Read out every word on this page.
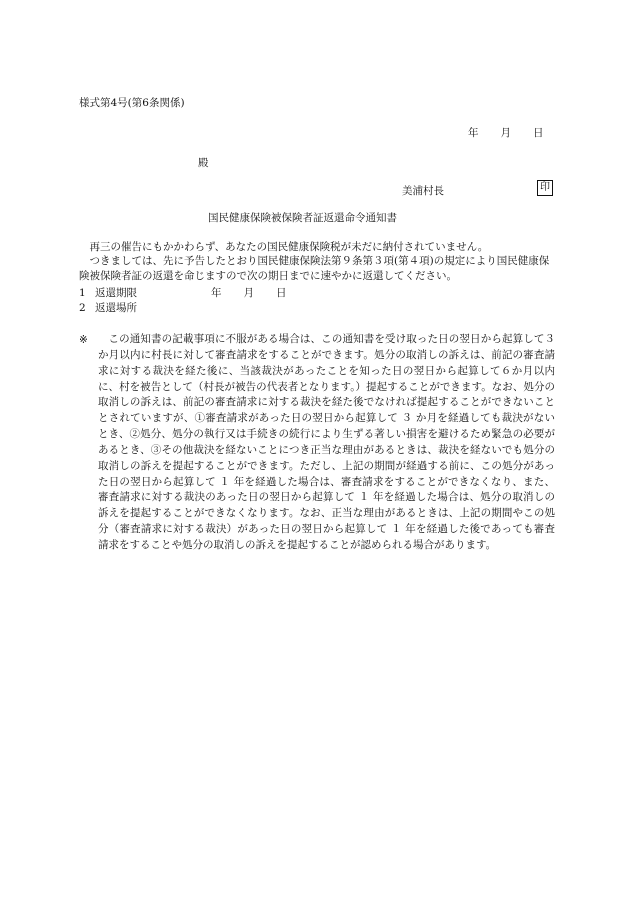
様式第4号(第6条関係)
年 月 日
殿
美浦村長	印
国民健康保険被保険者証返還命令通知書

再三の催告にもかかわらず、あなたの国民健康保険税が未だに納付されていません。

つきましては、先に予告したとおり国民健康保険法第９条第３項(第４項)の規定により国民健康保険被保険者証の返還を命じますので次の期日までに速やかに返還してください。

1 返還期限	年 月 日
2 返還場所
※	この通知書の記載事項に不服がある場合は、この通知書を受け取った日の翌日から起算して３か月以内に村長に対して審査請求をすることができます。処分の取消しの訴えは、前記の審査請求に対する裁決を経た後に、当該裁決があったことを知った日の翌日から起算して６か月以内に、村を被告として（村長が被告の代表者となります。）提起することができます。なお、処分の取消しの訴えは、前記の審査請求に対する裁決を経た後でなければ提起することができないこととされていますが、①審査請求があった日の翌日から起算して ３ か月を経過しても裁決がないとき、②処分、処分の執行又は手続きの続行により生ずる著しい損害を避けるため緊急の必要があるとき、③その他裁決を経ないことにつき正当な理由があるときは、裁決を経ないでも処分の取消しの訴えを提起することができます。ただし、上記の期間が経過する前に、この処分があった日の翌日から起算して １ 年を経過した場合は、審査請求をすることができなくなり、また、審査請求に対する裁決のあった日の翌日から起算して １ 年を経過した場合は、処分の取消しの訴えを提起することができなくなります。なお、正当な理由があるときは、上記の期間やこの処分（審査請求に対する裁決）があった日の翌日から起算して １ 年を経過した後であっても審査請求をすることや処分の取消しの訴えを提起することが認められる場合があります。
